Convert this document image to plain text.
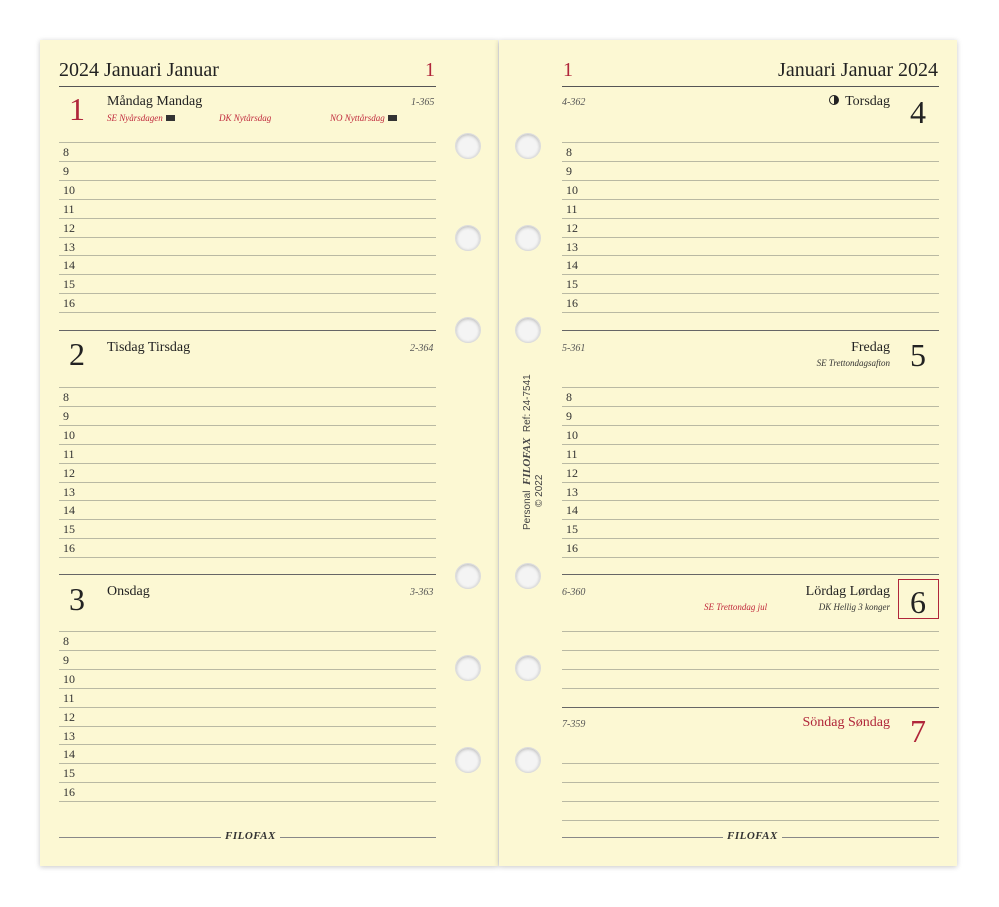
2024 Januari Januar	1
1 Måndag Mandag	1-365
SE Nyårsdagen	DK Nytårsdag	NO Nyttårsdag
8
9
10
11
12
13
14
15
16
2 Tisdag Tirsdag	2-364
8
9
10
11
12
13
14
15
16
3 Onsdag	3-363
8
9
10
11
12
13
14
15
16
FILOFAX
1	Januari Januar 2024
4-362	Torsdag 4
8
9
10
11
12
13
14
15
16
5-361	Fredag
SE Trettondagsafton 5
8
9
10
11
12
13
14
15
16
6-360	Lördag Lørdag
SE Trettondag jul	DK Hellig 3 konger 6
7-359	Söndag Søndag 7
FILOFAX
Personal  FILOFAX  Ref: 24-7541
© 2022
